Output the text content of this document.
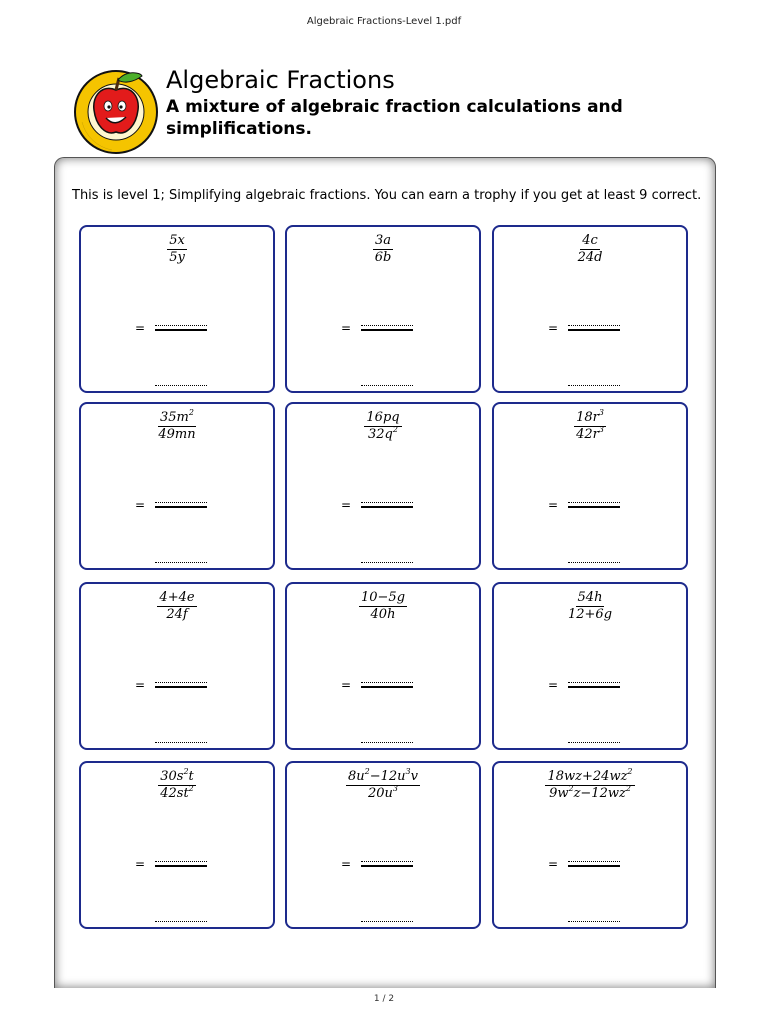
Algebraic Fractions-Level 1.pdf
Algebraic Fractions
A mixture of algebraic fraction calculations and simplifications.
This is level 1; Simplifying algebraic fractions. You can earn a trophy if you get at least 9 correct.
$\frac{5x}{5y}$
=
$\frac{3a}{6b}$
=
$\frac{4c}{24d}$
=
$\frac{35m^2}{49mn}$
=
$\frac{16pq}{32q^2}$
=
$\frac{18r^3}{42r^3}$
=
$\frac{4+4e}{24f}$
=
$\frac{10-5g}{40h}$
=
$\frac{54h}{12+6g}$
=
$\frac{30s^2t}{42st^2}$
=
$\frac{8u^2-12u^3v}{20u^3}$
=
$\frac{18wz+24wz^2}{9w^2z-12wz^2}$
=
1 / 2
